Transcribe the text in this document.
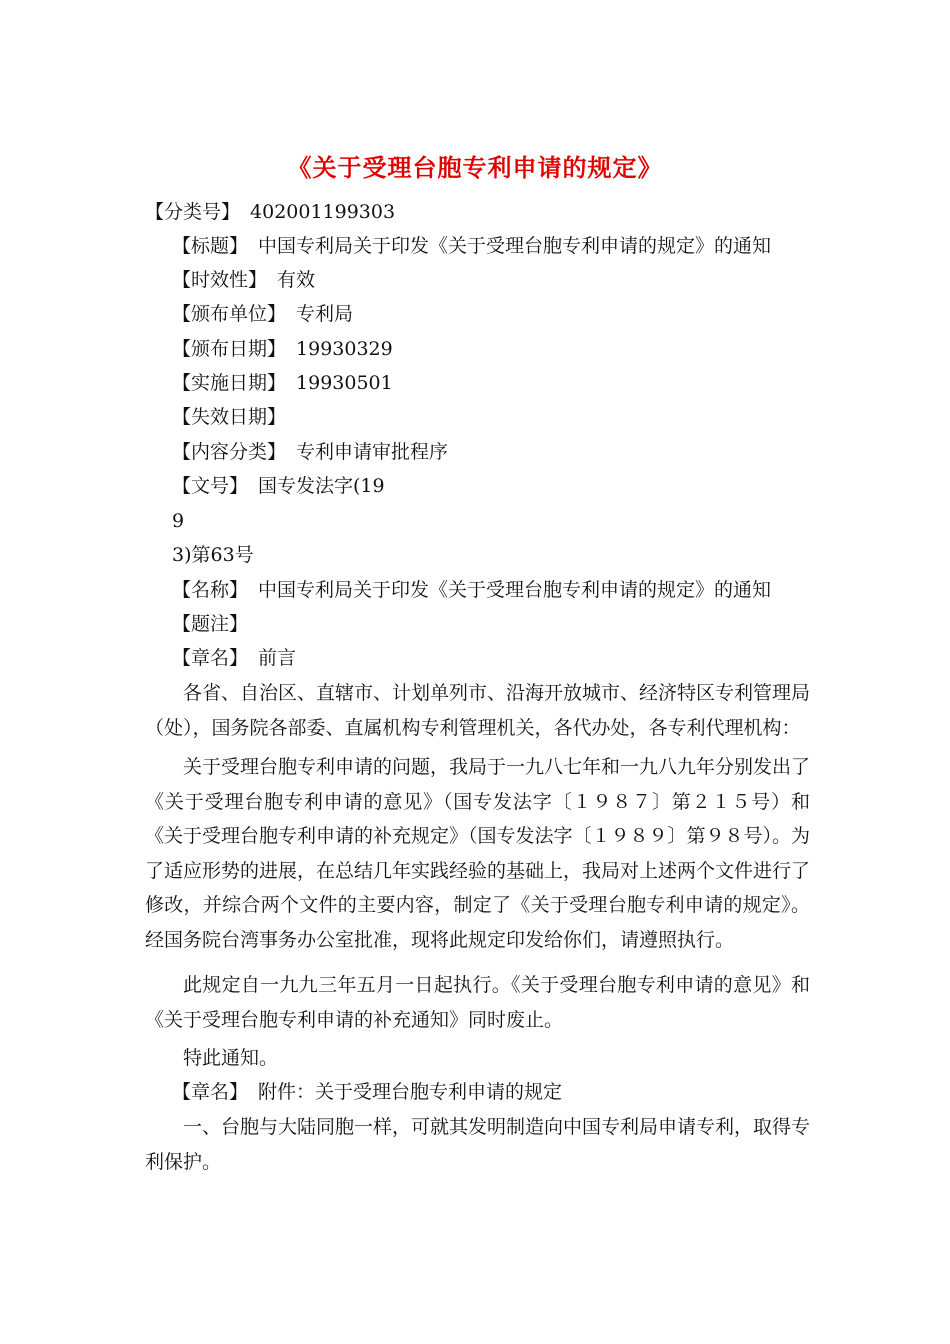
《关于受理台胞专利申请的规定》
【分类号】 402001199303
【标题】 中国专利局关于印发《关于受理台胞专利申请的规定》的通知
【时效性】 有效
【颁布单位】 专利局
【颁布日期】 19930329
【实施日期】 19930501
【失效日期】
【内容分类】 专利申请审批程序
【文号】 国专发法字(19
9
3)第63号
【名称】 中国专利局关于印发《关于受理台胞专利申请的规定》的通知
【题注】
【章名】 前言
各省、自治区、直辖市、计划单列市、沿海开放城市、经济特区专利管理局（处），国务院各部委、直属机构专利管理机关，各代办处，各专利代理机构：
关于受理台胞专利申请的问题，我局于一九八七年和一九八九年分别发出了《关于受理台胞专利申请的意见》（国专发法字〔１９８７〕第２１５号）和《关于受理台胞专利申请的补充规定》（国专发法字〔１９８９〕第９８号）。为了适应形势的进展，在总结几年实践经验的基础上，我局对上述两个文件进行了修改，并综合两个文件的主要内容，制定了《关于受理台胞专利申请的规定》。经国务院台湾事务办公室批准，现将此规定印发给你们，请遵照执行。
此规定自一九九三年五月一日起执行。《关于受理台胞专利申请的意见》和《关于受理台胞专利申请的补充通知》同时废止。
特此通知。
【章名】 附件：关于受理台胞专利申请的规定
一、台胞与大陆同胞一样，可就其发明制造向中国专利局申请专利，取得专利保护。
